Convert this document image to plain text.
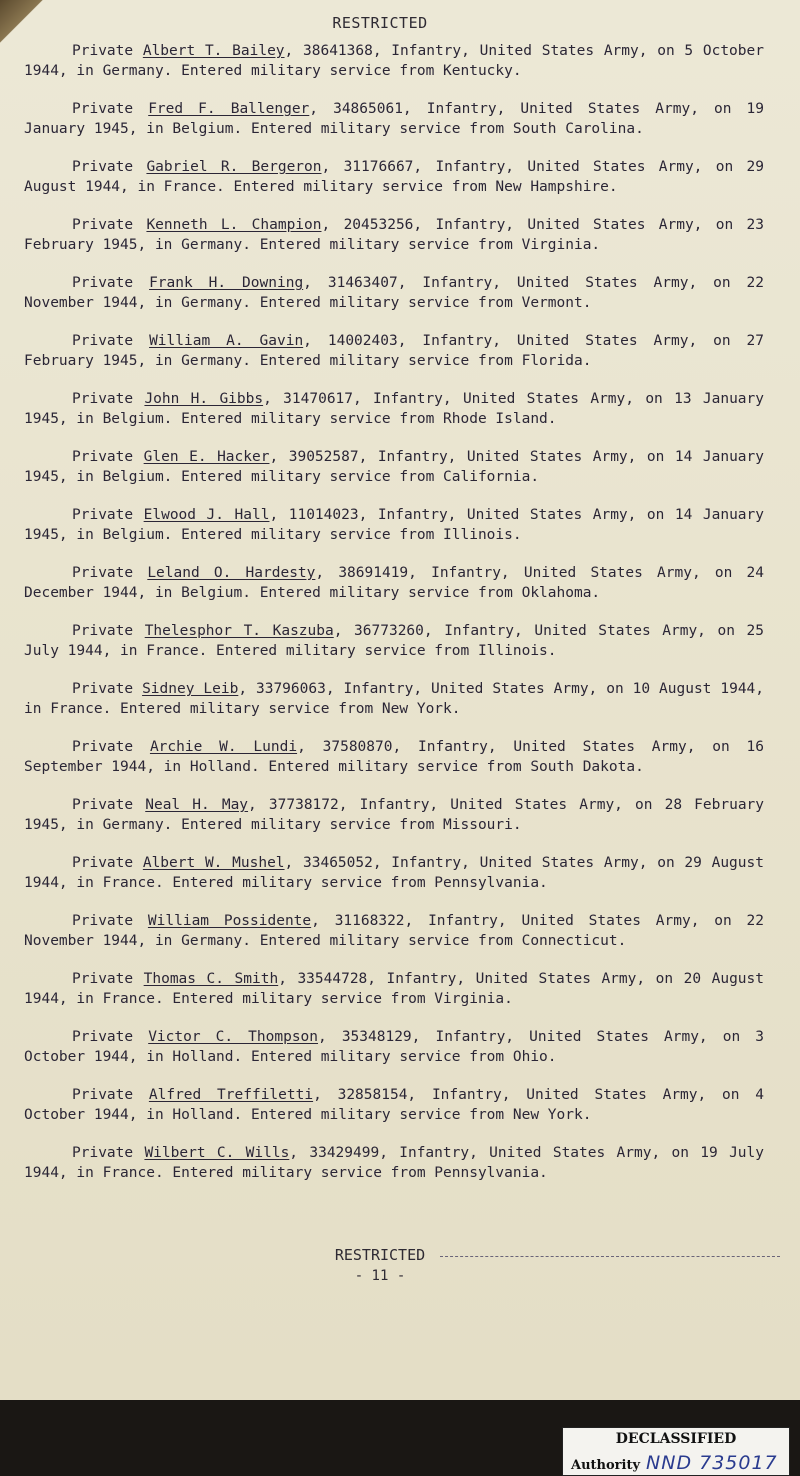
RESTRICTED

Private Albert T. Bailey, 38641368, Infantry, United States Army, on 5 October 1944, in Germany. Entered military service from Kentucky.

Private Fred F. Ballenger, 34865061, Infantry, United States Army, on 19 January 1945, in Belgium. Entered military service from South Carolina.

Private Gabriel R. Bergeron, 31176667, Infantry, United States Army, on 29 August 1944, in France. Entered military service from New Hampshire.

Private Kenneth L. Champion, 20453256, Infantry, United States Army, on 23 February 1945, in Germany. Entered military service from Virginia.

Private Frank H. Downing, 31463407, Infantry, United States Army, on 22 November 1944, in Germany. Entered military service from Vermont.

Private William A. Gavin, 14002403, Infantry, United States Army, on 27 February 1945, in Germany. Entered military service from Florida.

Private John H. Gibbs, 31470617, Infantry, United States Army, on 13 January 1945, in Belgium. Entered military service from Rhode Island.

Private Glen E. Hacker, 39052587, Infantry, United States Army, on 14 January 1945, in Belgium. Entered military service from California.

Private Elwood J. Hall, 11014023, Infantry, United States Army, on 14 January 1945, in Belgium. Entered military service from Illinois.

Private Leland O. Hardesty, 38691419, Infantry, United States Army, on 24 December 1944, in Belgium. Entered military service from Oklahoma.

Private Thelesphor T. Kaszuba, 36773260, Infantry, United States Army, on 25 July 1944, in France. Entered military service from Illinois.

Private Sidney Leib, 33796063, Infantry, United States Army, on 10 August 1944, in France. Entered military service from New York.

Private Archie W. Lundi, 37580870, Infantry, United States Army, on 16 September 1944, in Holland. Entered military service from South Dakota.

Private Neal H. May, 37738172, Infantry, United States Army, on 28 February 1945, in Germany. Entered military service from Missouri.

Private Albert W. Mushel, 33465052, Infantry, United States Army, on 29 August 1944, in France. Entered military service from Pennsylvania.

Private William Possidente, 31168322, Infantry, United States Army, on 22 November 1944, in Germany. Entered military service from Connecticut.

Private Thomas C. Smith, 33544728, Infantry, United States Army, on 20 August 1944, in France. Entered military service from Virginia.

Private Victor C. Thompson, 35348129, Infantry, United States Army, on 3 October 1944, in Holland. Entered military service from Ohio.

Private Alfred Treffiletti, 32858154, Infantry, United States Army, on 4 October 1944, in Holland. Entered military service from New York.

Private Wilbert C. Wills, 33429499, Infantry, United States Army, on 19 July 1944, in France. Entered military service from Pennsylvania.

RESTRICTED
- 11 -
DECLASSIFIED
Authority NND 735017
